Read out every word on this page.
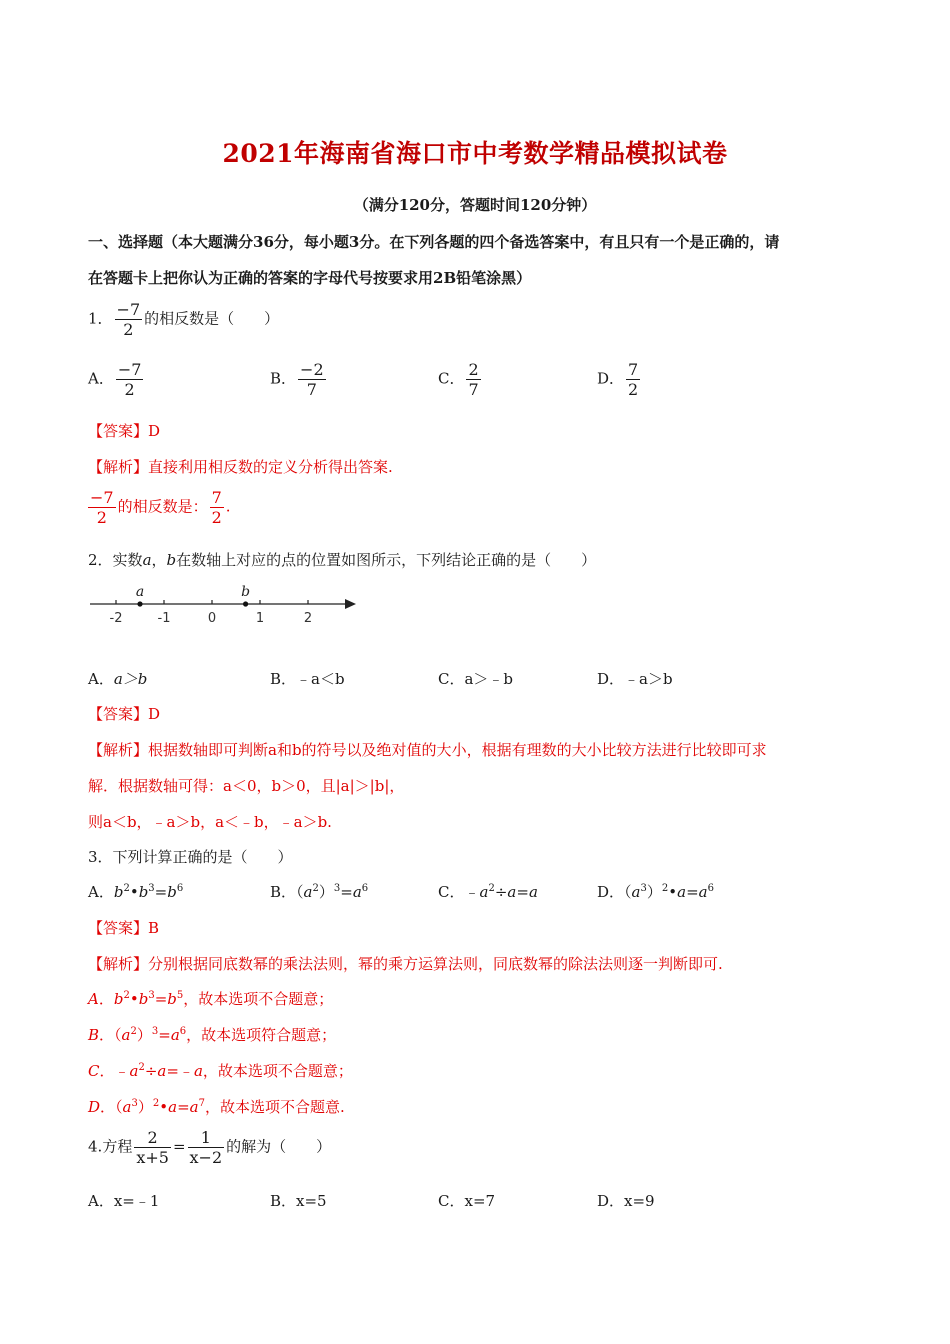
2021年海南省海口市中考数学精品模拟试卷
（满分120分，答题时间120分钟）
一、选择题（本大题满分36分，每小题3分。在下列各题的四个备选答案中，有且只有一个是正确的，请
在答题卡上把你认为正确的答案的字母代号按要求用2B铅笔涂黑）
1． $\frac{-7}{2}$ 的相反数是（　　）
A． $\frac{-7}{2}$	B． $\frac{-2}{7}$	C． $\frac{2}{7}$	D． $\frac{7}{2}$
【答案】D
【解析】直接利用相反数的定义分析得出答案.
$\frac{-7}{2}$ 的相反数是： $\frac{7}{2}$ .
2．实数a，b在数轴上对应的点的位置如图所示，下列结论正确的是（　　）
-2	-1	0	1	2
a	b
A．a＞b	B．﹣a＜b	C．a＞﹣b	D．﹣a＞b
【答案】D
【解析】根据数轴即可判断a和b的符号以及绝对值的大小，根据有理数的大小比较方法进行比较即可求
解．根据数轴可得：a＜0，b＞0，且|a|＞|b|，
则a＜b，﹣a＞b，a＜﹣b，﹣a＞b.
3．下列计算正确的是（　　）
A．$b^2•b^3=b^6$	B．$(a^2)^3=a^6$	C．$﹣a^2\div a=a$	D．$(a^3)^2•a=a^6$
【答案】B
【解析】分别根据同底数幂的乘法法则，幂的乘方运算法则，同底数幂的除法法则逐一判断即可.
A．$b^2•b^3=b^5$，故本选项不合题意；
B．$(a^2)^3=a^6$，故本选项符合题意；
C．$﹣a^2\div a=﹣a$，故本选项不合题意；
D．$(a^3)^2•a=a^7$，故本选项不合题意.
4.方程 $\frac{2}{x+5} = \frac{1}{x-2}$ 的解为（　　）
A．x=﹣1	B．x=5	C．x=7	D．x=9
